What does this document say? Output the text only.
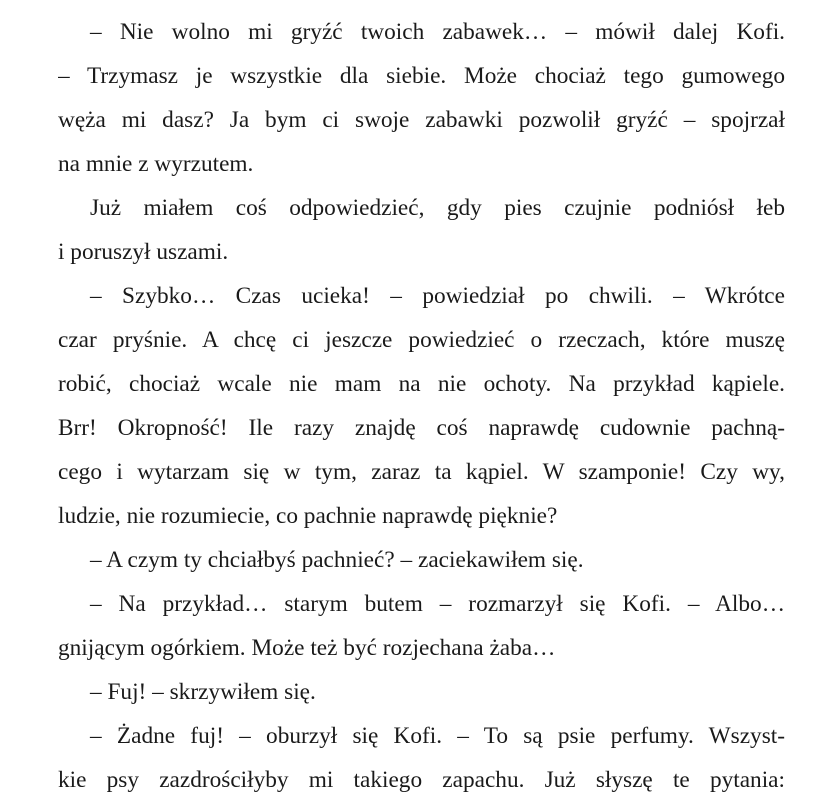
– Nie wolno mi gryźć twoich zabawek… – mówił dalej Kofi.
– Trzymasz je wszystkie dla siebie. Może chociaż tego gumowego
węża mi dasz? Ja bym ci swoje zabawki pozwolił gryźć – spojrzał
na mnie z wyrzutem.
Już miałem coś odpowiedzieć, gdy pies czujnie podniósł łeb
i poruszył uszami.
– Szybko… Czas ucieka! – powiedział po chwili. – Wkrótce
czar pryśnie. A chcę ci jeszcze powiedzieć o rzeczach, które muszę
robić, chociaż wcale nie mam na nie ochoty. Na przykład kąpiele.
Brr! Okropność! Ile razy znajdę coś naprawdę cudownie pachną-
cego i wytarzam się w tym, zaraz ta kąpiel. W szamponie! Czy wy,
ludzie, nie rozumiecie, co pachnie naprawdę pięknie?
– A czym ty chciałbyś pachnieć? – zaciekawiłem się.
– Na przykład… starym butem – rozmarzył się Kofi. – Albo…
gnijącym ogórkiem. Może też być rozjechana żaba…
– Fuj! – skrzywiłem się.
– Żadne fuj! – oburzył się Kofi. – To są psie perfumy. Wszyst-
kie psy zazdrościłyby mi takiego zapachu. Już słyszę te pytania:
